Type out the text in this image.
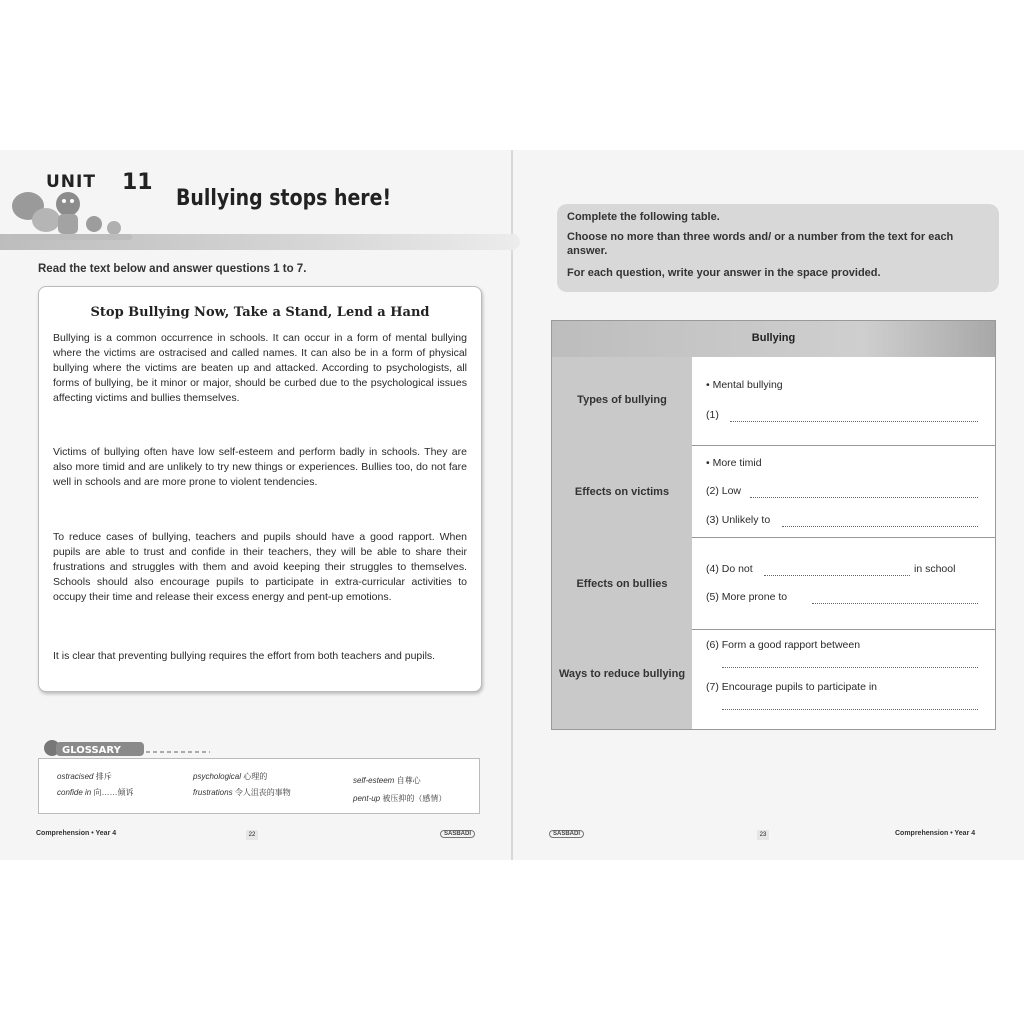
UNIT 11
Bullying stops here!
Read the text below and answer questions 1 to 7.
Stop Bullying Now, Take a Stand, Lend a Hand
Bullying is a common occurrence in schools. It can occur in a form of mental bullying where the victims are ostracised and called names. It can also be in a form of physical bullying where the victims are beaten up and attacked. According to psychologists, all forms of bullying, be it minor or major, should be curbed due to the psychological issues affecting victims and bullies themselves.
Victims of bullying often have low self-esteem and perform badly in schools. They are also more timid and are unlikely to try new things or experiences. Bullies too, do not fare well in schools and are more prone to violent tendencies.
To reduce cases of bullying, teachers and pupils should have a good rapport. When pupils are able to trust and confide in their teachers, they will be able to share their frustrations and struggles with them and avoid keeping their struggles to themselves. Schools should also encourage pupils to participate in extra-curricular activities to occupy their time and release their excess energy and pent-up emotions.
It is clear that preventing bullying requires the effort from both teachers and pupils.
GLOSSARY
ostracised 排斥
confide in 向……倾诉
psychological 心理的
frustrations 令人沮丧的事物
self-esteem 自尊心
pent-up 被压抑的（感情）
Comprehension • Year 4	22	SASBADI
Complete the following table.
Choose no more than three words and/ or a number from the text for each answer.
For each question, write your answer in the space provided.
Bullying
Types of bullying
• Mental bullying
(1)
Effects on victims
• More timid
(2) Low
(3) Unlikely to
Effects on bullies
(4) Do not	in school
(5) More prone to
Ways to reduce bullying
(6) Form a good rapport between
(7) Encourage pupils to participate in
SASBADI	23	Comprehension • Year 4
